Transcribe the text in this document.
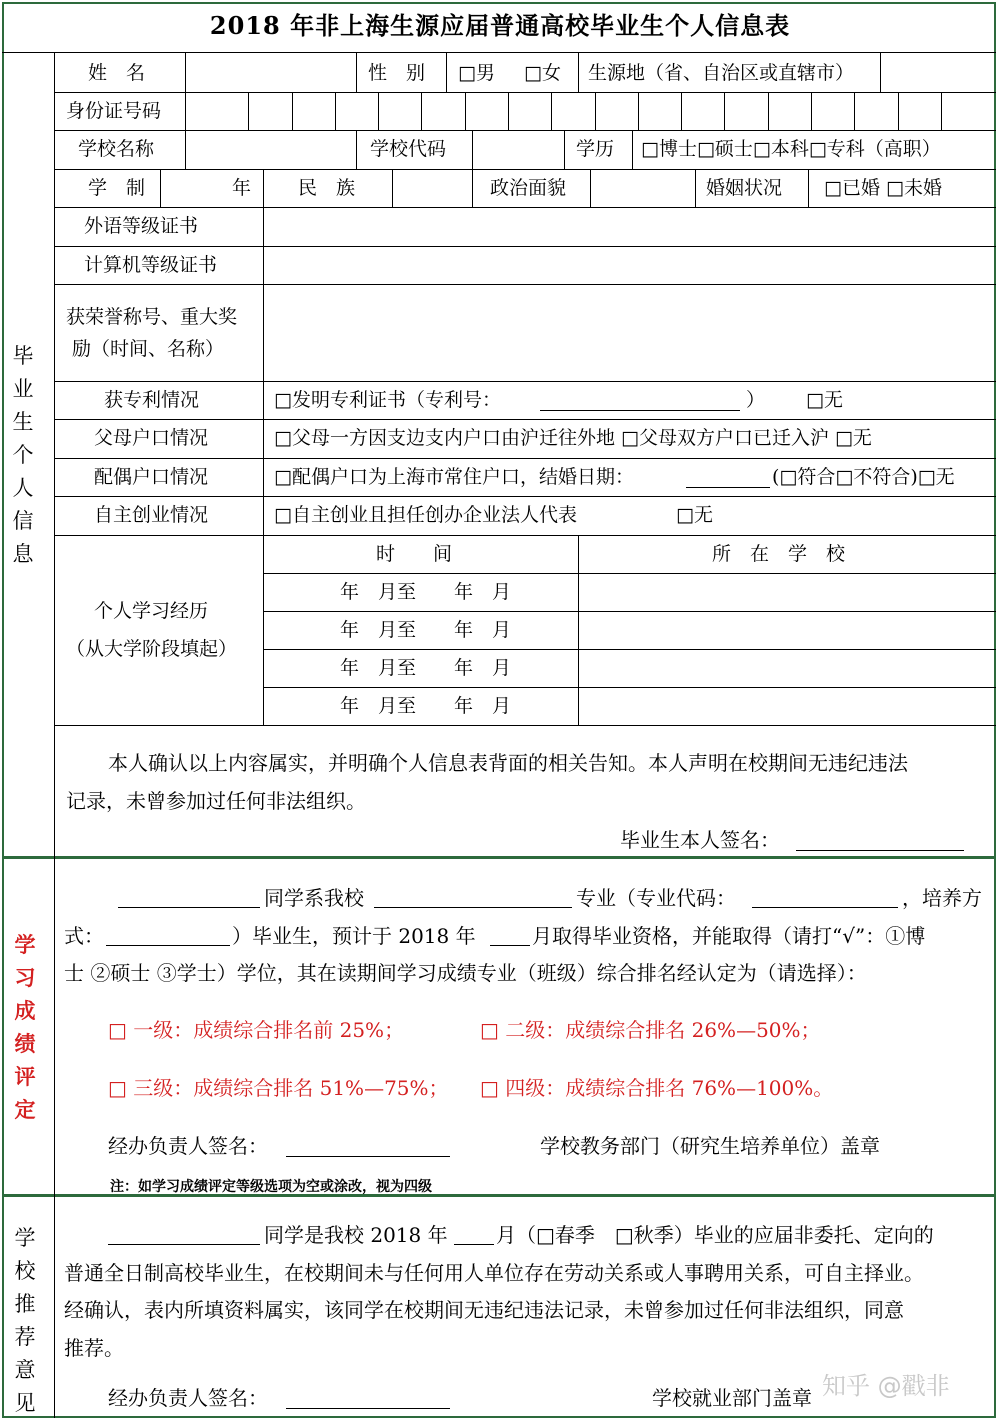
2018 年非上海生源应届普通高校毕业生个人信息表
毕业生个人信息
姓　名	性　别 □男 □女 生源地（省、自治区或直辖市）
身份证号码
学校名称	学校代码	学历 □博士□硕士□本科□专科（高职）
学　制	年 民　族	政治面貌	婚姻状况 □已婚 □未婚
外语等级证书
计算机等级证书
获荣誉称号、重大奖
励（时间、名称）
获专利情况	□发明专利证书（专利号：	） □无
父母户口情况	□父母一方因支边支内户口由沪迁往外地 □父母双方户口已迁入沪 □无
配偶户口情况	□配偶户口为上海市常住户口，结婚日期：	(□符合□不符合)□无
自主创业情况	□自主创业且担任创办企业法人代表	□无
个人学习经历
（从大学阶段填起）
时　　间	所　在　学　校
年　月至　　年　月
年　月至　　年　月
年　月至　　年　月
年　月至　　年　月
本人确认以上内容属实，并明确个人信息表背面的相关告知。本人声明在校期间无违纪违法
记录，未曾参加过任何非法组织。
毕业生本人签名：
学习成绩评定
同学系我校	专业（专业代码：	，培养方
式：	）毕业生，预计于 2018 年	月取得毕业资格，并能取得（请打“√”：①博
士 ②硕士 ③学士）学位，其在读期间学习成绩专业（班级）综合排名经认定为（请选择）：
□ 一级：成绩综合排名前 25%；	□ 二级：成绩综合排名 26%—50%；
□ 三级：成绩综合排名 51%—75%； □ 四级：成绩综合排名 76%—100%。
经办负责人签名：	学校教务部门（研究生培养单位）盖章
注：如学习成绩评定等级选项为空或涂改，视为四级
学校推荐意见
同学是我校 2018 年 月（□春季　□秋季）毕业的应届非委托、定向的
普通全日制高校毕业生，在校期间未与任何用人单位存在劳动关系或人事聘用关系，可自主择业。
经确认，表内所填资料属实，该同学在校期间无违纪违法记录，未曾参加过任何非法组织，同意
推荐。
经办负责人签名：	学校就业部门盖章 知乎 @戳非
